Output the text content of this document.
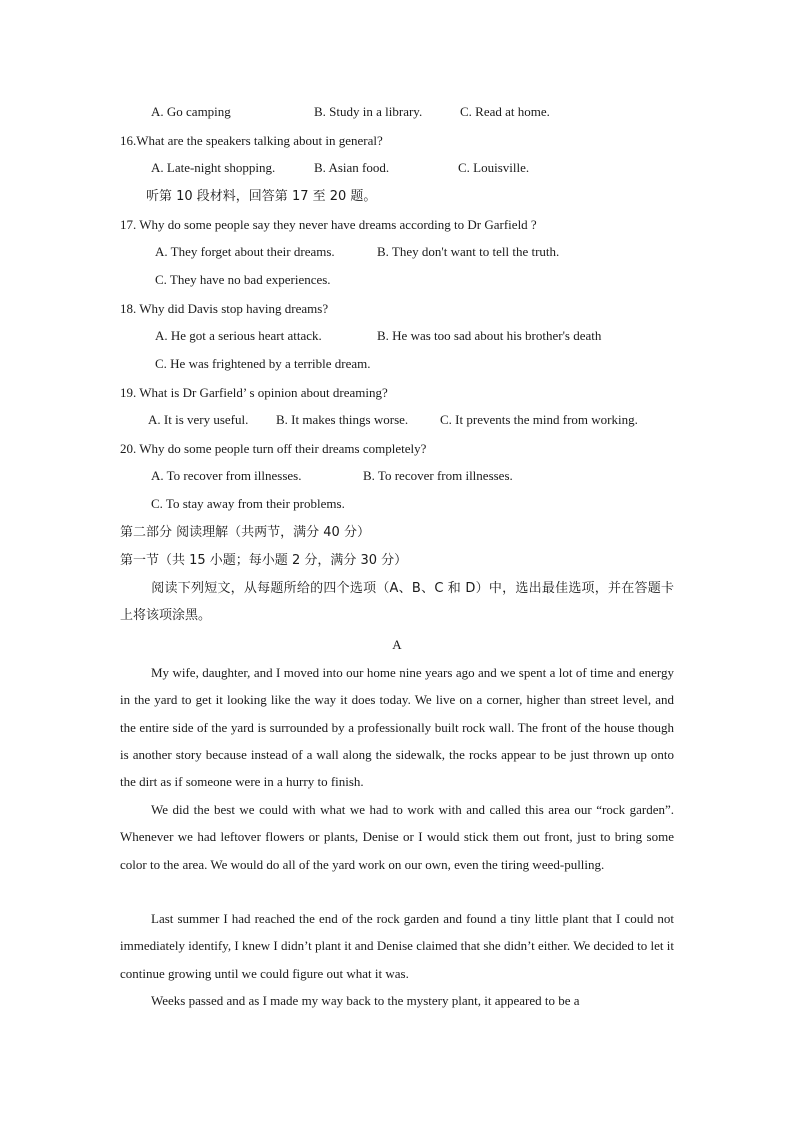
A. Go camping	B. Study in a library.	C. Read at home.
16.What are the speakers talking about in general?
A. Late-night shopping.	B. Asian food.	C. Louisville.
听第 10 段材料，回答第 17 至 20 题。
17. Why do some people say they never have dreams according to Dr Garfield ?
A. They forget about their dreams.	B. They don't want to tell the truth.
C. They have no bad experiences.
18. Why did Davis stop having dreams?
A. He got a serious heart attack.	B. He was too sad about his brother's death
C. He was frightened by a terrible dream.
19. What is Dr Garfield’ s opinion about dreaming?
A. It is very useful. B. It makes things worse. C. It prevents the mind from working.
20. Why do some people turn off their dreams completely?
A. To recover from illnesses.	B. To recover from illnesses.
C. To stay away from their problems.
第二部分 阅读理解（共两节，满分 40 分）
第一节（共 15 小题；每小题 2 分，满分 30 分）
阅读下列短文，从每题所给的四个选项（A、B、C 和 D）中，选出最佳选项，并在答题卡上将该项涂黑。
A
My wife, daughter, and I moved into our home nine years ago and we spent a lot of time and energy in the yard to get it looking like the way it does today. We live on a corner, higher than street level, and the entire side of the yard is surrounded by a professionally built rock wall. The front of the house though is another story because instead of a wall along the sidewalk, the rocks appear to be just thrown up onto the dirt as if someone were in a hurry to finish.
We did the best we could with what we had to work with and called this area our “rock garden”. Whenever we had leftover flowers or plants, Denise or I would stick them out front, just to bring some color to the area. We would do all of the yard work on our own, even the tiring weed-pulling.
Last summer I had reached the end of the rock garden and found a tiny little plant that I could not immediately identify, I knew I didn’t plant it and Denise claimed that she didn’t either. We decided to let it continue growing until we could figure out what it was.
Weeks passed and as I made my way back to the mystery plant, it appeared to be a
